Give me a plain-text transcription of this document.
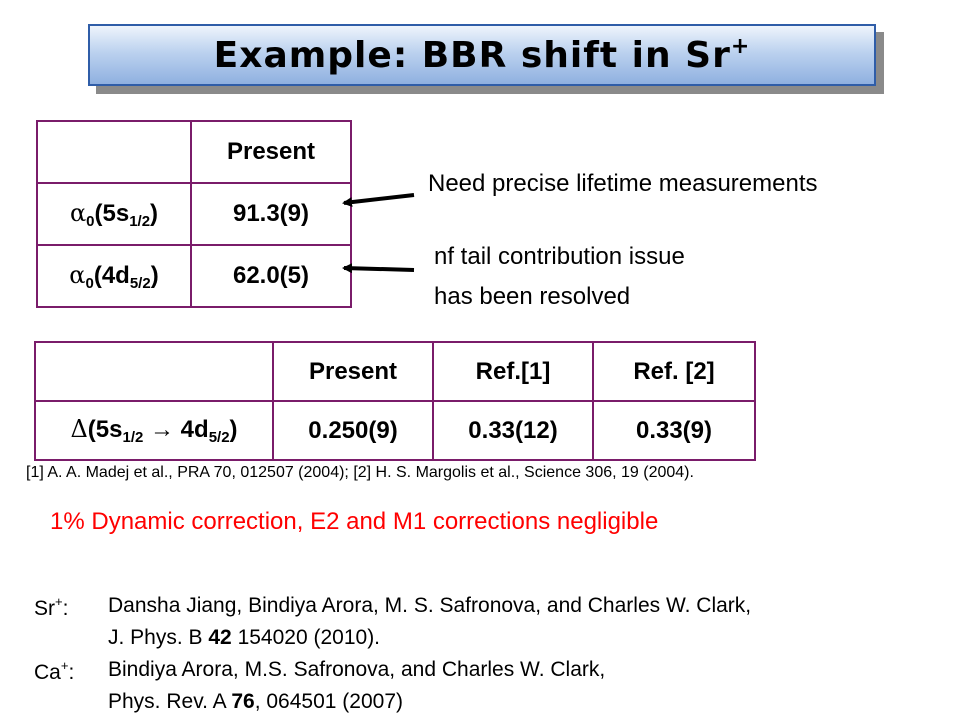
Example: BBR shift in Sr+
	Present
$\alpha_0(5s_{1/2})$	91.3(9)
$\alpha_0(4d_{5/2})$	62.0(5)
Need precise lifetime measurements
nf tail contribution issue
has been resolved
	Present	Ref.[1]	Ref. [2]
$\Delta(5s_{1/2} \to 4d_{5/2})$	0.250(9)	0.33(12)	0.33(9)
[1] A. A. Madej et al., PRA 70, 012507 (2004); [2] H. S. Margolis et al., Science 306, 19 (2004).
1% Dynamic correction, E2 and M1 corrections negligible
Sr+: Dansha Jiang, Bindiya Arora, M. S. Safronova, and Charles W. Clark,
J. Phys. B 42 154020 (2010).
Ca+: Bindiya Arora, M.S. Safronova, and Charles W. Clark,
Phys. Rev. A 76, 064501 (2007)
